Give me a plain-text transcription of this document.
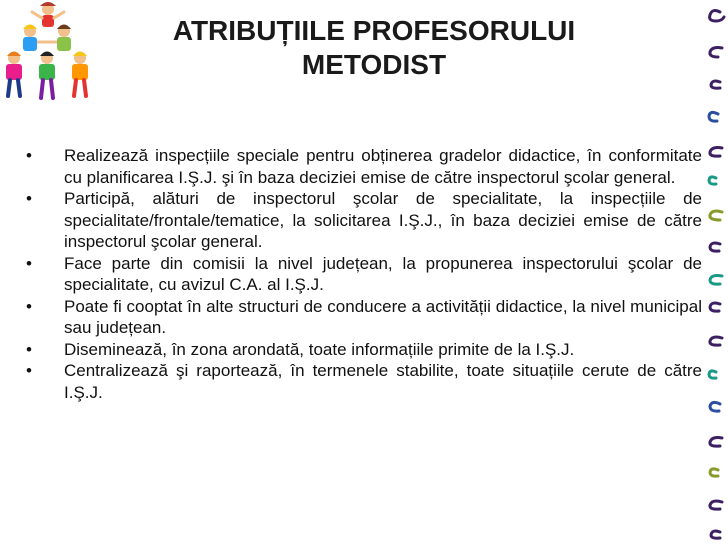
ATRIBUȚIILE PROFESORULUI
METODIST
•	Realizează inspecțiile speciale pentru obținerea gradelor didactice, în conformitate cu planificarea I.Ş.J. şi în baza deciziei emise de către inspectorul şcolar general.
•	Participă, alături de inspectorul şcolar de specialitate, la inspecțiile de specialitate/frontale/tematice, la solicitarea I.Ş.J., în baza deciziei emise de către inspectorul şcolar general.
•	Face parte din comisii la nivel județean, la propunerea inspectorului şcolar de specialitate, cu avizul C.A. al I.Ş.J.
•	Poate fi cooptat în alte structuri de conducere a activității didactice, la nivel municipal sau județean.
•	Diseminează, în zona arondată, toate informațiile primite de la I.Ş.J.
•	Centralizează şi raportează, în termenele stabilite, toate situațiile cerute de către I.Ş.J.
